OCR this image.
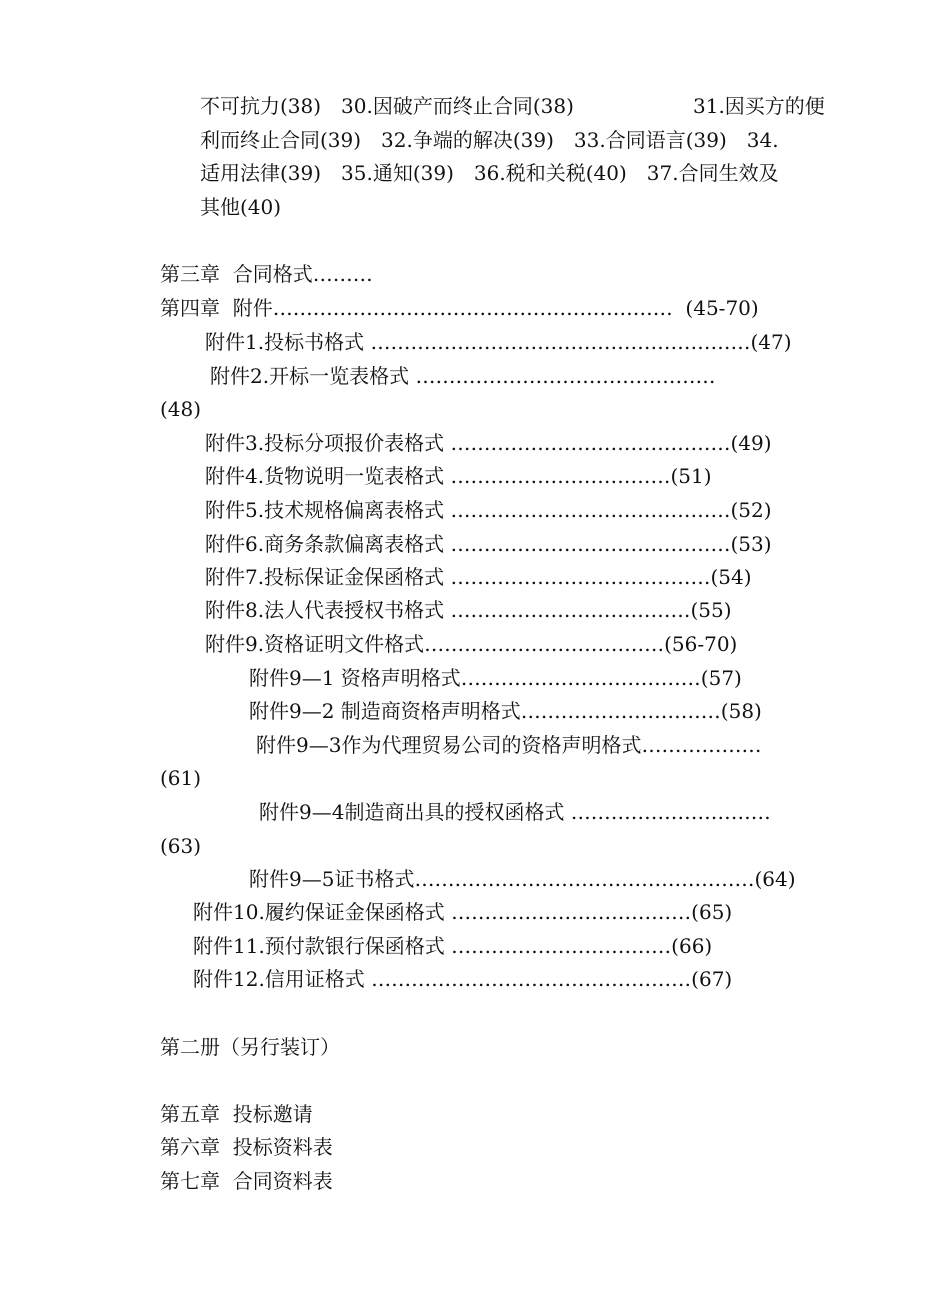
不可抗力(38)　30.因破产而终止合同(38)	31.因买方的便
利而终止合同(39)　32.争端的解决(39)　33.合同语言(39)　34.
适用法律(39)　35.通知(39)　36.税和关税(40)　37.合同生效及
其他(40)
第三章  合同格式………
第四章  附件……………………………………………………  (45-70)
附件1.投标书格式 …………………………………………………(47)
附件2.开标一览表格式 ………………………………………
(48)
附件3.投标分项报价表格式 ……………………………………(49)
附件4.货物说明一览表格式 ……………………………(51)
附件5.技术规格偏离表格式 ……………………………………(52)
附件6.商务条款偏离表格式 ……………………………………(53)
附件7.投标保证金保函格式 …………………………………(54)
附件8.法人代表授权书格式 ………………………………(55)
附件9.资格证明文件格式………………………………(56-70)
附件9—1 资格声明格式………………………………(57)
附件9—2 制造商资格声明格式…………………………(58)
附件9—3作为代理贸易公司的资格声明格式………………
(61)
附件9—4制造商出具的授权函格式 …………………………
(63)
附件9—5证书格式……………………………………………(64)
附件10.履约保证金保函格式 ………………………………(65)
附件11.预付款银行保函格式 ……………………………(66)
附件12.信用证格式 …………………………………………(67)
第二册（另行装订）
第五章  投标邀请
第六章  投标资料表
第七章  合同资料表
